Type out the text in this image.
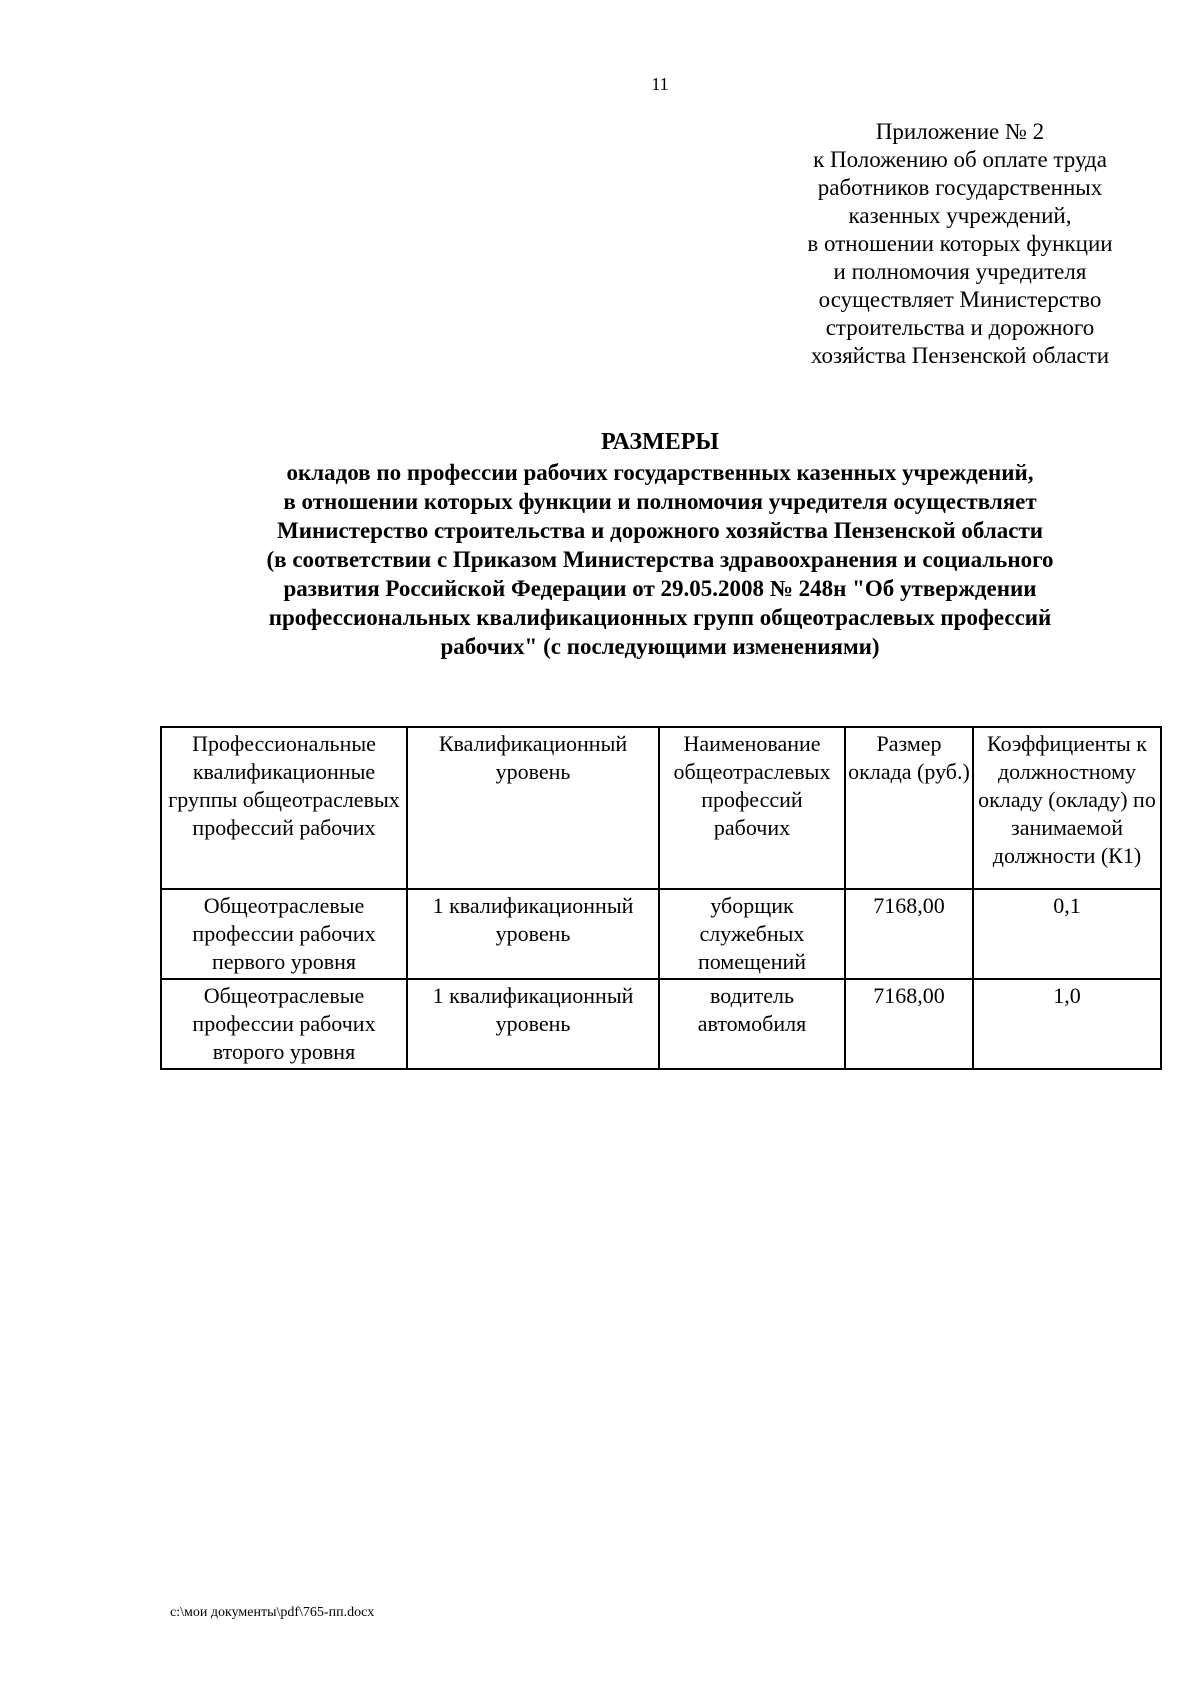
11
Приложение № 2
к Положению об оплате труда
работников государственных
казенных учреждений,
в отношении которых функции
и полномочия учредителя
осуществляет Министерство
строительства и дорожного
хозяйства Пензенской области
РАЗМЕРЫ
окладов по профессии рабочих государственных казенных учреждений,
в отношении которых функции и полномочия учредителя осуществляет
Министерство строительства и дорожного хозяйства Пензенской области
(в соответствии с Приказом Министерства здравоохранения и социального
развития Российской Федерации от 29.05.2008 № 248н "Об утверждении
профессиональных квалификационных групп общеотраслевых профессий
рабочих" (с последующими изменениями)
Профессиональные квалификационные группы общеотраслевых профессий рабочих	Квалификационный уровень	Наименование общеотраслевых профессий рабочих	Размер оклада (руб.)	Коэффициенты к должностному окладу (окладу) по занимаемой должности (К1)
Общеотраслевые профессии рабочих первого уровня	1 квалификационный уровень	уборщик служебных помещений	7168,00	0,1
Общеотраслевые профессии рабочих второго уровня	1 квалификационный уровень	водитель автомобиля	7168,00	1,0
c:\мои документы\pdf\765-пп.docx
